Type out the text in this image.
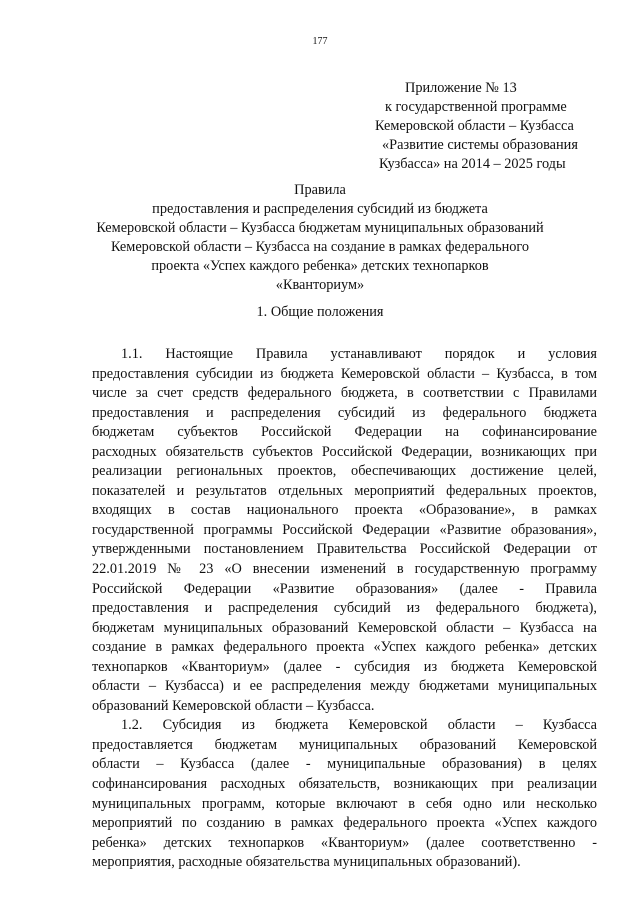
177
Приложение № 13
к государственной программе
Кемеровской области – Кузбасса
«Развитие системы образования
Кузбасса» на 2014 – 2025 годы
Правила
предоставления и распределения субсидий из бюджета
Кемеровской области – Кузбасса бюджетам муниципальных образований
Кемеровской области – Кузбасса на создание в рамках федерального
проекта «Успех каждого ребенка» детских технопарков
«Кванториум»
1. Общие положения
1.1. Настоящие Правила устанавливают порядок и условия
предоставления субсидии из бюджета Кемеровской области – Кузбасса, в том
числе за счет средств федерального бюджета, в соответствии с Правилами
предоставления и распределения субсидий из федерального бюджета
бюджетам субъектов Российской Федерации на софинансирование
расходных обязательств субъектов Российской Федерации, возникающих при
реализации региональных проектов, обеспечивающих достижение целей,
показателей и результатов отдельных мероприятий федеральных проектов,
входящих в состав национального проекта «Образование», в рамках
государственной программы Российской Федерации «Развитие образования»,
утвержденными постановлением Правительства Российской Федерации от
22.01.2019 № 23 «О внесении изменений в государственную программу
Российской Федерации «Развитие образования» (далее - Правила
предоставления и распределения субсидий из федерального бюджета),
бюджетам муниципальных образований Кемеровской области – Кузбасса на
создание в рамках федерального проекта «Успех каждого ребенка» детских
технопарков «Кванториум» (далее - субсидия из бюджета Кемеровской
области – Кузбасса) и ее распределения между бюджетами муниципальных
образований Кемеровской области – Кузбасса.
1.2. Субсидия из бюджета Кемеровской области – Кузбасса
предоставляется бюджетам муниципальных образований Кемеровской
области – Кузбасса (далее - муниципальные образования) в целях
софинансирования расходных обязательств, возникающих при реализации
муниципальных программ, которые включают в себя одно или несколько
мероприятий по созданию в рамках федерального проекта «Успех каждого
ребенка» детских технопарков «Кванториум» (далее соответственно -
мероприятия, расходные обязательства муниципальных образований).
